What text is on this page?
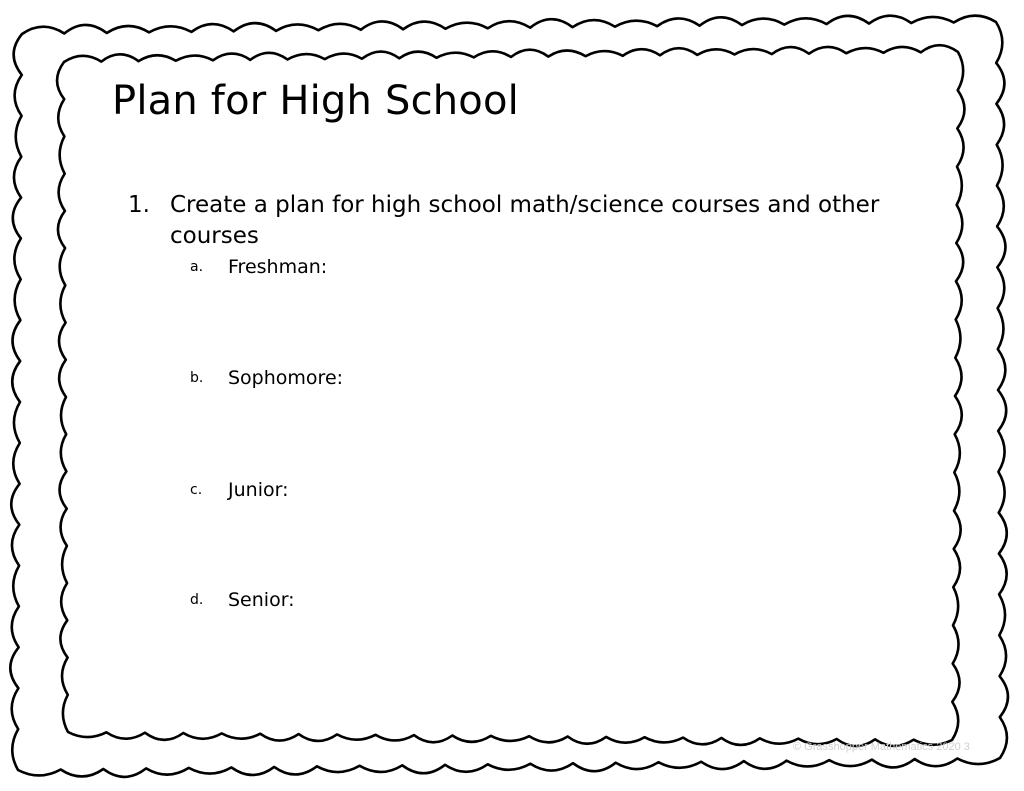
Plan for High School
1. Create a plan for high school math/science courses and other courses
a. Freshman:
b. Sophomore:
c. Junior:
d. Senior:
© Grasshopper Mathematics 2020 3
